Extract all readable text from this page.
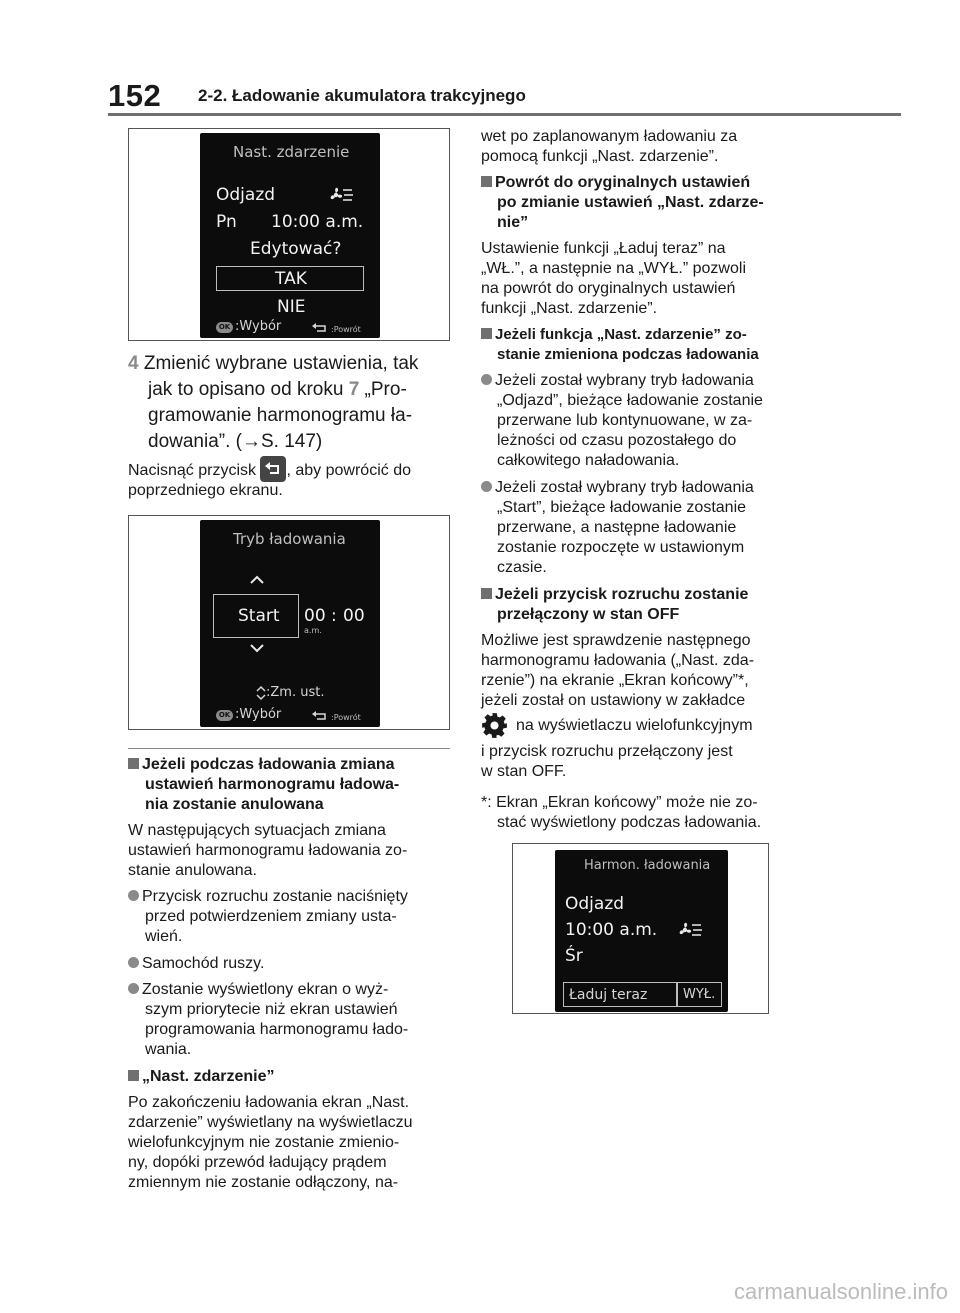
152 2-2. Ładowanie akumulatora trakcyjnego
Nast. zdarzenie
Odjazd
Pn 10:00 a.m.
Edytować?
TAK
NIE
OK :Wybór	:Powrót
4 Zmienić wybrane ustawienia, tak
jak to opisano od kroku 7 „Pro-
gramowanie harmonogramu ła-
dowania”. (→S. 147)
Nacisnąć przycisk , aby powrócić do
poprzedniego ekranu.
Tryb ładowania
Start 00 : 00
a.m.
:Zm. ust.
OK :Wybór	:Powrót
Jeżeli podczas ładowania zmiana
ustawień harmonogramu ładowa-
nia zostanie anulowana
W następujących sytuacjach zmiana
ustawień harmonogramu ładowania zo-
stanie anulowana.
Przycisk rozruchu zostanie naciśnięty
przed potwierdzeniem zmiany usta-
wień.
Samochód ruszy.
Zostanie wyświetlony ekran o wyż-
szym priorytecie niż ekran ustawień
programowania harmonogramu łado-
wania.
„Nast. zdarzenie”
Po zakończeniu ładowania ekran „Nast.
zdarzenie” wyświetlany na wyświetlaczu
wielofunkcyjnym nie zostanie zmienio-
ny, dopóki przewód ładujący prądem
zmiennym nie zostanie odłączony, na-
wet po zaplanowanym ładowaniu za
pomocą funkcji „Nast. zdarzenie”.
Powrót do oryginalnych ustawień
po zmianie ustawień „Nast. zdarze-
nie”
Ustawienie funkcji „Ładuj teraz” na
„WŁ.”, a następnie na „WYŁ.” pozwoli
na powrót do oryginalnych ustawień
funkcji „Nast. zdarzenie”.
Jeżeli funkcja „Nast. zdarzenie” zo-
stanie zmieniona podczas ładowania
Jeżeli został wybrany tryb ładowania
„Odjazd”, bieżące ładowanie zostanie
przerwane lub kontynuowane, w za-
leżności od czasu pozostałego do
całkowitego naładowania.
Jeżeli został wybrany tryb ładowania
„Start”, bieżące ładowanie zostanie
przerwane, a następne ładowanie
zostanie rozpoczęte w ustawionym
czasie.
Jeżeli przycisk rozruchu zostanie
przełączony w stan OFF
Możliwe jest sprawdzenie następnego
harmonogramu ładowania („Nast. zda-
rzenie”) na ekranie „Ekran końcowy”*,
jeżeli został on ustawiony w zakładce
na wyświetlaczu wielofunkcyjnym
i przycisk rozruchu przełączony jest
w stan OFF.
*: Ekran „Ekran końcowy” może nie zo-
stać wyświetlony podczas ładowania.
Harmon. ładowania
Odjazd
10:00 a.m.
Śr
Ładuj teraz	WYŁ.
carmanualsonline.info
